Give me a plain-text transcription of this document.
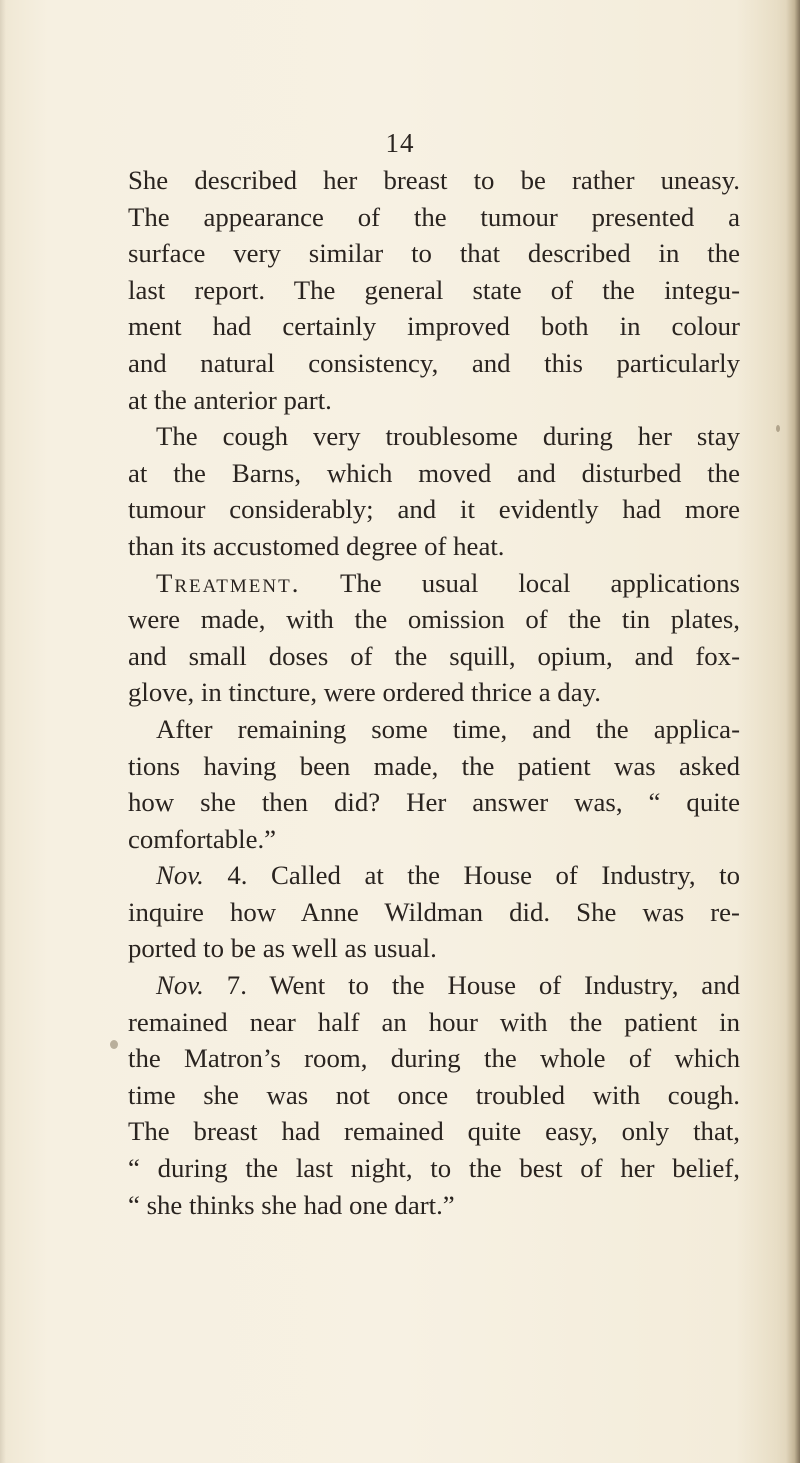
14
She described her breast to be rather uneasy.
The appearance of the tumour presented a
surface very similar to that described in the
last report. The general state of the integu-
ment had certainly improved both in colour
and natural consistency, and this particularly
at the anterior part.
The cough very troublesome during her stay
at the Barns, which moved and disturbed the
tumour considerably; and it evidently had more
than its accustomed degree of heat.
Treatment. The usual local applications
were made, with the omission of the tin plates,
and small doses of the squill, opium, and fox-
glove, in tincture, were ordered thrice a day.
After remaining some time, and the applica-
tions having been made, the patient was asked
how she then did? Her answer was, “ quite
comfortable.”
Nov. 4. Called at the House of Industry, to
inquire how Anne Wildman did. She was re-
ported to be as well as usual.
Nov. 7. Went to the House of Industry, and
remained near half an hour with the patient in
the Matron’s room, during the whole of which
time she was not once troubled with cough.
The breast had remained quite easy, only that,
“ during the last night, to the best of her belief,
“ she thinks she had one dart.”
